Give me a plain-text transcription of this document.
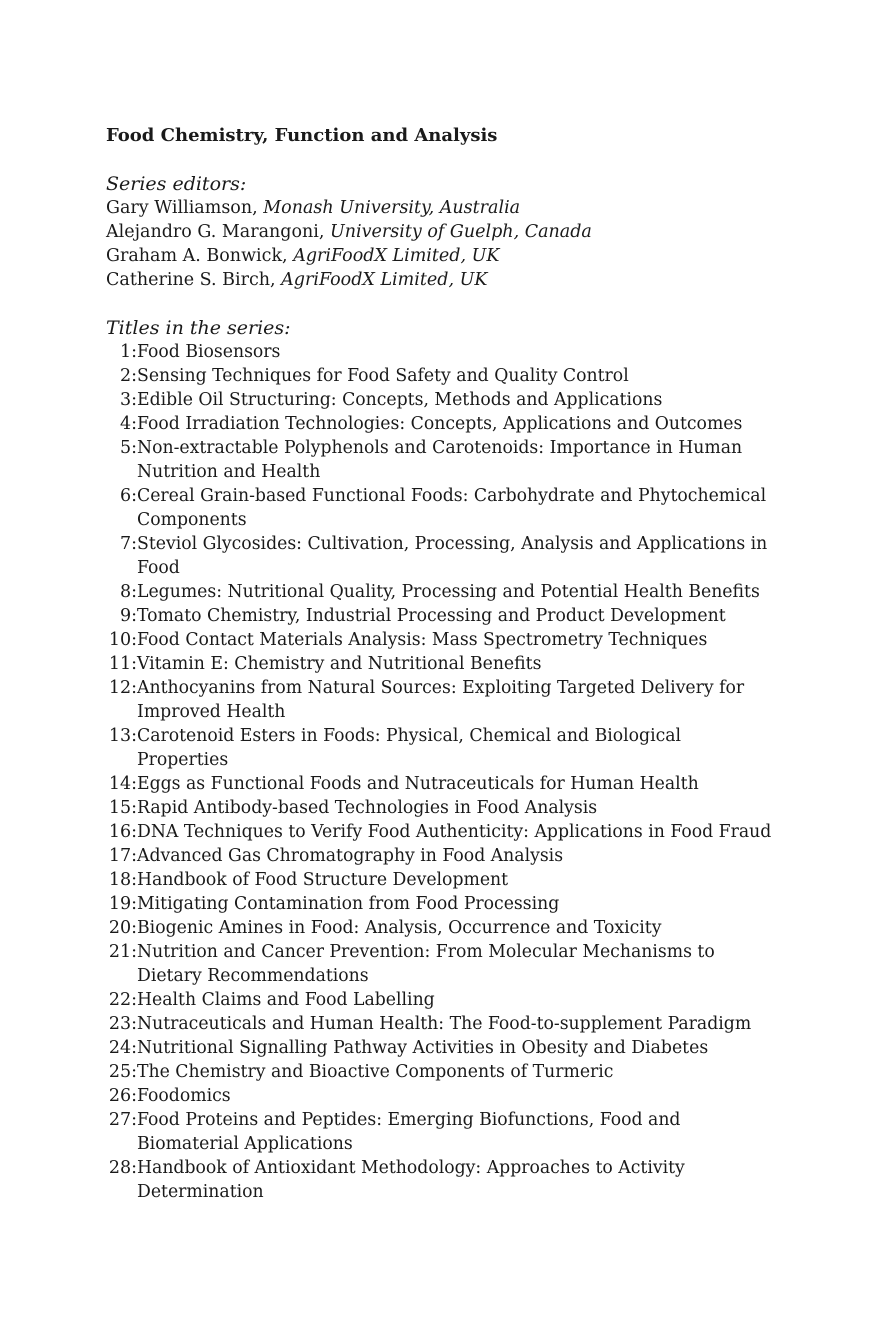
Food Chemistry, Function and Analysis
Series editors:
Gary Williamson, Monash University, Australia
Alejandro G. Marangoni, University of Guelph, Canada
Graham A. Bonwick, AgriFoodX Limited, UK
Catherine S. Birch, AgriFoodX Limited, UK
Titles in the series:
1: Food Biosensors
2: Sensing Techniques for Food Safety and Quality Control
3: Edible Oil Structuring: Concepts, Methods and Applications
4: Food Irradiation Technologies: Concepts, Applications and Outcomes
5: Non-extractable Polyphenols and Carotenoids: Importance in Human
Nutrition and Health
6: Cereal Grain-based Functional Foods: Carbohydrate and Phytochemical
Components
7: Steviol Glycosides: Cultivation, Processing, Analysis and Applications in
Food
8: Legumes: Nutritional Quality, Processing and Potential Health Benefits
9: Tomato Chemistry, Industrial Processing and Product Development
10: Food Contact Materials Analysis: Mass Spectrometry Techniques
11: Vitamin E: Chemistry and Nutritional Benefits
12: Anthocyanins from Natural Sources: Exploiting Targeted Delivery for
Improved Health
13: Carotenoid Esters in Foods: Physical, Chemical and Biological
Properties
14: Eggs as Functional Foods and Nutraceuticals for Human Health
15: Rapid Antibody-based Technologies in Food Analysis
16: DNA Techniques to Verify Food Authenticity: Applications in Food Fraud
17: Advanced Gas Chromatography in Food Analysis
18: Handbook of Food Structure Development
19: Mitigating Contamination from Food Processing
20: Biogenic Amines in Food: Analysis, Occurrence and Toxicity
21: Nutrition and Cancer Prevention: From Molecular Mechanisms to
Dietary Recommendations
22: Health Claims and Food Labelling
23: Nutraceuticals and Human Health: The Food-to-supplement Paradigm
24: Nutritional Signalling Pathway Activities in Obesity and Diabetes
25: The Chemistry and Bioactive Components of Turmeric
26: Foodomics
27: Food Proteins and Peptides: Emerging Biofunctions, Food and
Biomaterial Applications
28: Handbook of Antioxidant Methodology: Approaches to Activity
Determination
